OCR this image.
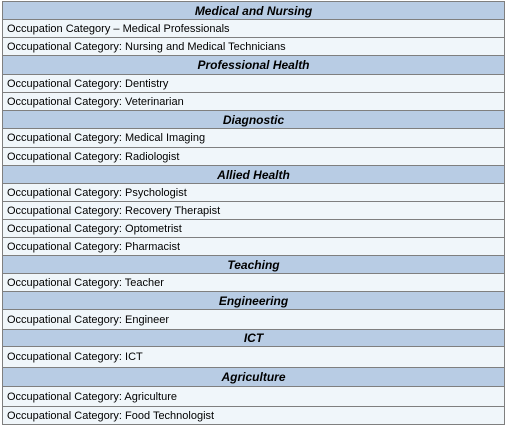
Medical and Nursing
Occupation Category – Medical Professionals
Occupational Category: Nursing and Medical Technicians
Professional Health
Occupational Category: Dentistry
Occupational Category: Veterinarian
Diagnostic
Occupational Category: Medical Imaging
Occupational Category: Radiologist
Allied Health
Occupational Category: Psychologist
Occupational Category: Recovery Therapist
Occupational Category: Optometrist
Occupational Category: Pharmacist
Teaching
Occupational Category: Teacher
Engineering
Occupational Category: Engineer
ICT
Occupational Category: ICT
Agriculture
Occupational Category: Agriculture
Occupational Category: Food Technologist
